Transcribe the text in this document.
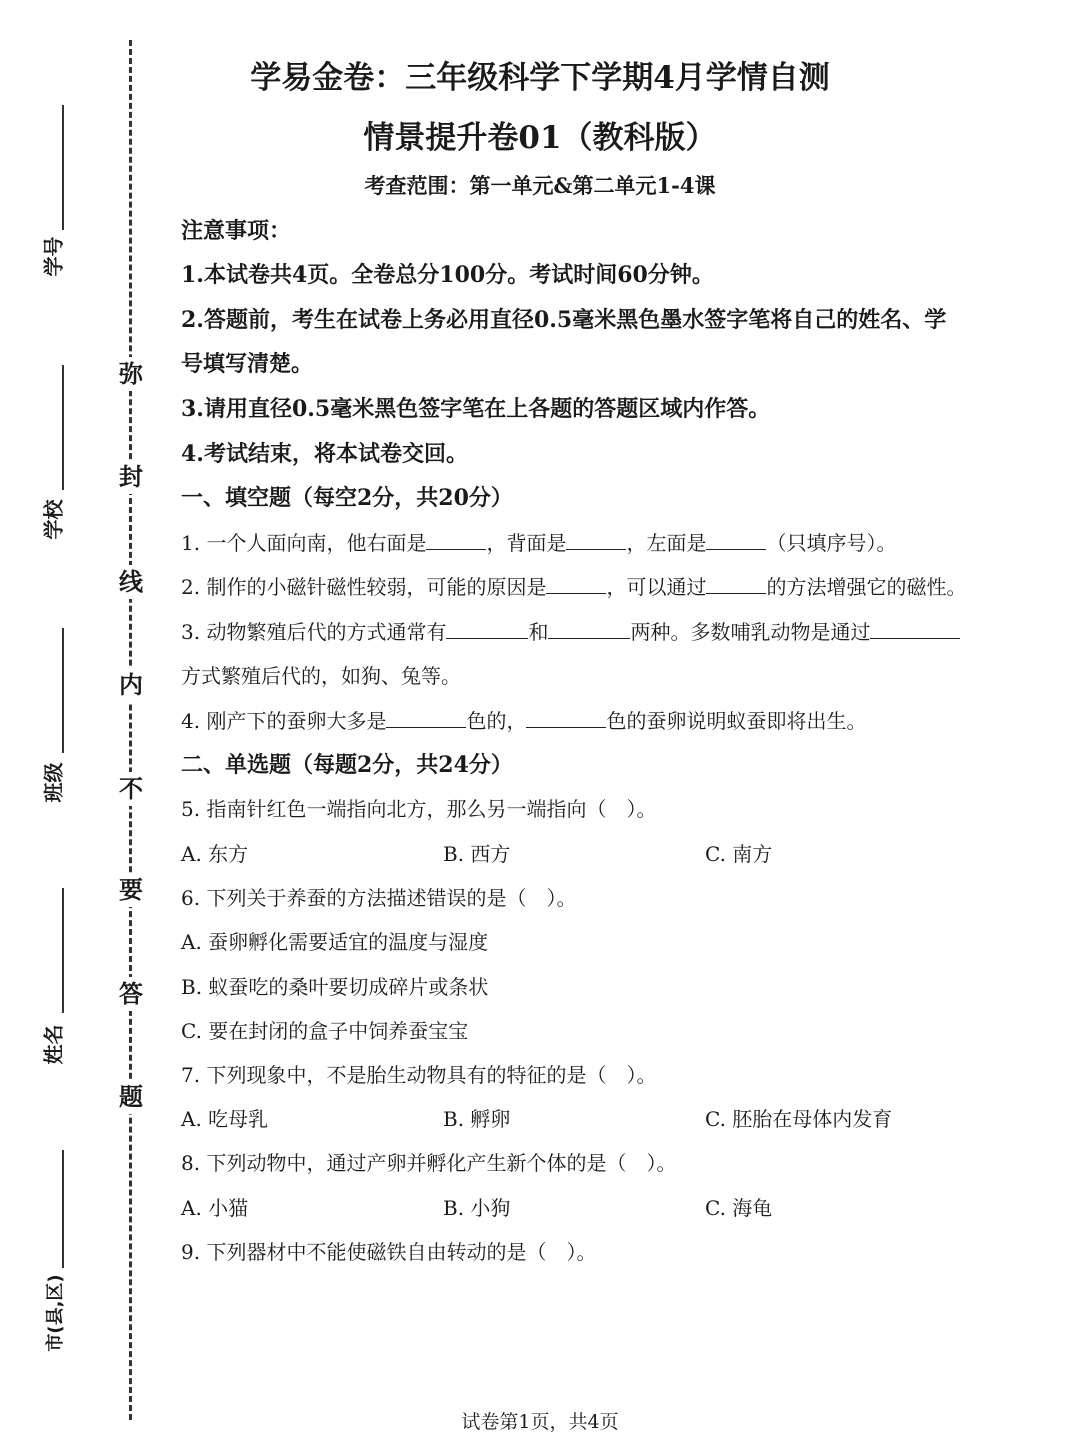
学号
学校
班级
姓名
市(县,区)
弥
封
线
内
不
要
答
题
学易金卷：三年级科学下学期4月学情自测
情景提升卷01（教科版）
考查范围：第一单元&第二单元1-4课
注意事项：
1.本试卷共4页。全卷总分100分。考试时间60分钟。
2.答题前，考生在试卷上务必用直径0.5毫米黑色墨水签字笔将自己的姓名、学
号填写清楚。
3.请用直径0.5毫米黑色签字笔在上各题的答题区域内作答。
4.考试结束，将本试卷交回。
一、填空题（每空2分，共20分）
1. 一个人面向南，他右面是	，背面是	，左面是	（只填序号）。
2. 制作的小磁针磁性较弱，可能的原因是	，可以通过	的方法增强它的磁性。
3. 动物繁殖后代的方式通常有	和	两种。多数哺乳动物是通过
方式繁殖后代的，如狗、兔等。
4. 刚产下的蚕卵大多是	色的，	色的蚕卵说明蚁蚕即将出生。
二、单选题（每题2分，共24分）
5. 指南针红色一端指向北方，那么另一端指向（　）。
A. 东方	B. 西方	C. 南方
6. 下列关于养蚕的方法描述错误的是（　）。
A. 蚕卵孵化需要适宜的温度与湿度
B. 蚁蚕吃的桑叶要切成碎片或条状
C. 要在封闭的盒子中饲养蚕宝宝
7. 下列现象中，不是胎生动物具有的特征的是（　）。
A. 吃母乳	B. 孵卵	C. 胚胎在母体内发育
8. 下列动物中，通过产卵并孵化产生新个体的是（　）。
A. 小猫	B. 小狗	C. 海龟
9. 下列器材中不能使磁铁自由转动的是（　）。
试卷第1页，共4页
